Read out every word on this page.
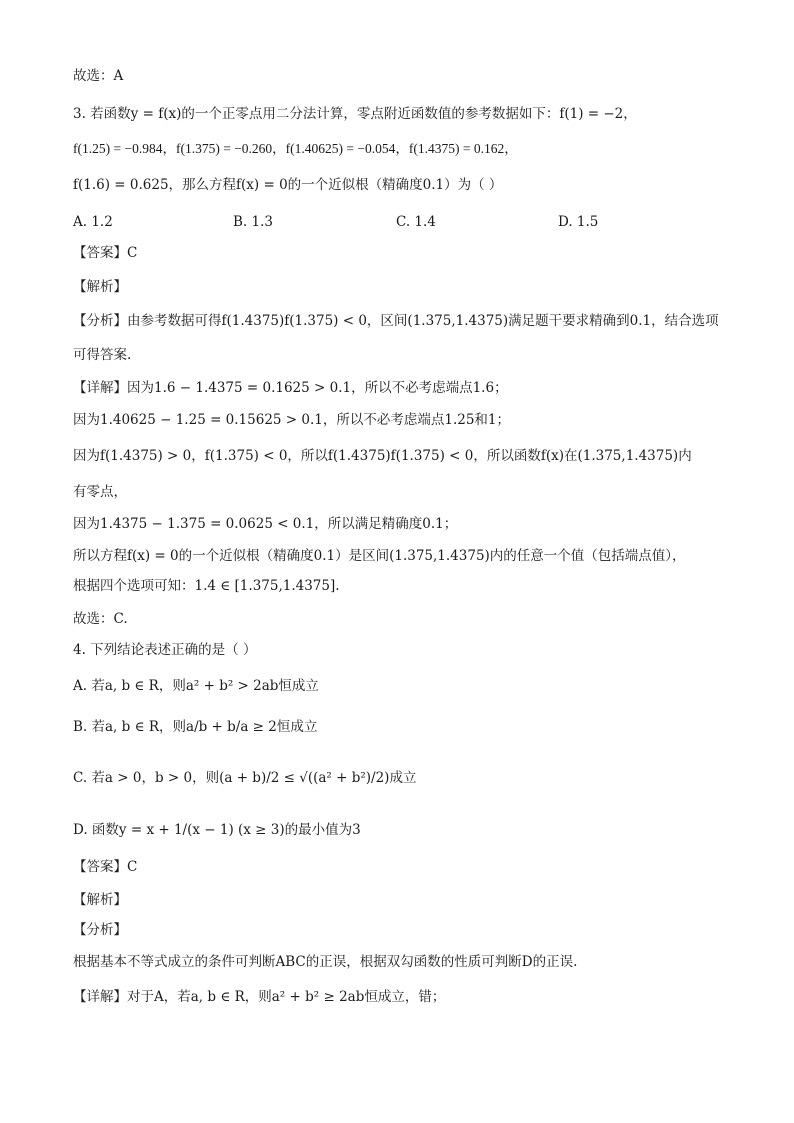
故选：A
3. 若函数y = f(x)的一个正零点用二分法计算，零点附近函数值的参考数据如下：f(1) = −2，
f(1.25) = −0.984，f(1.375) = −0.260，f(1.40625) = −0.054，f(1.4375) = 0.162，
f(1.6) = 0.625，那么方程f(x) = 0的一个近似根（精确度0.1）为（ ）
A. 1.2	B. 1.3	C. 1.4	D. 1.5
【答案】C
【解析】
【分析】由参考数据可得f(1.4375)f(1.375) < 0，区间(1.375,1.4375)满足题干要求精确到0.1，结合选项
可得答案.
【详解】因为1.6 − 1.4375 = 0.1625 > 0.1，所以不必考虑端点1.6；
因为1.40625 − 1.25 = 0.15625 > 0.1，所以不必考虑端点1.25和1；
因为f(1.4375) > 0，f(1.375) < 0，所以f(1.4375)f(1.375) < 0，所以函数f(x)在(1.375,1.4375)内
有零点，
因为1.4375 − 1.375 = 0.0625 < 0.1，所以满足精确度0.1；
所以方程f(x) = 0的一个近似根（精确度0.1）是区间(1.375,1.4375)内的任意一个值（包括端点值），
根据四个选项可知：1.4 ∈ [1.375,1.4375].
故选：C.
4. 下列结论表述正确的是（ ）
A. 若a, b ∈ R，则a² + b² > 2ab恒成立
B. 若a, b ∈ R，则a/b + b/a ≥ 2恒成立
C. 若a > 0，b > 0，则(a + b)/2 ≤ √((a² + b²)/2)成立
D. 函数y = x + 1/(x − 1) (x ≥ 3)的最小值为3
【答案】C
【解析】
【分析】
根据基本不等式成立的条件可判断ABC的正误，根据双勾函数的性质可判断D的正误.
【详解】对于A，若a, b ∈ R，则a² + b² ≥ 2ab恒成立，错；
